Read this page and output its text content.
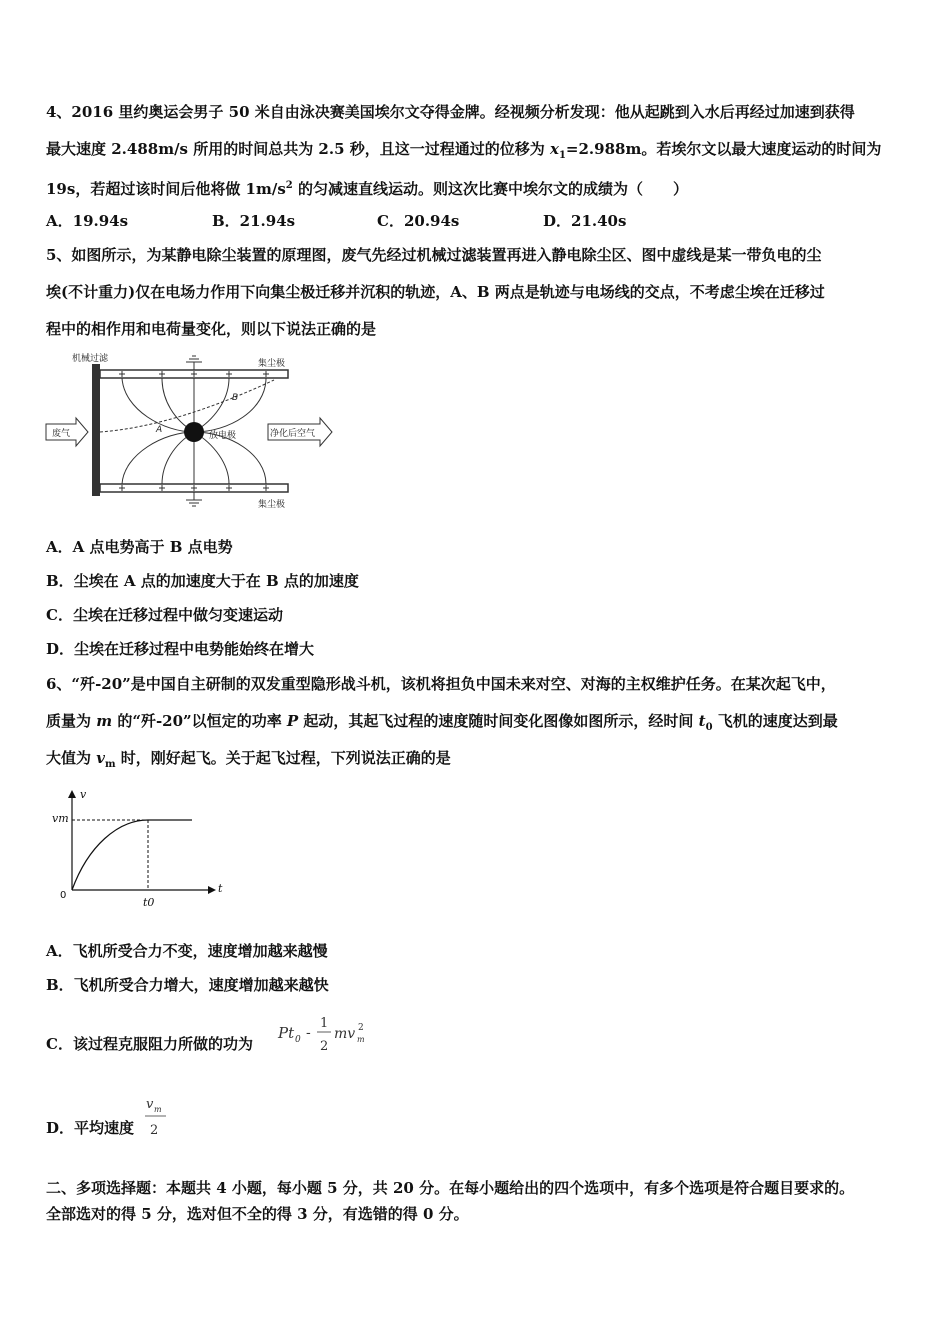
4、2016 里约奥运会男子 50 米自由泳决赛美国埃尔文夺得金牌。经视频分析发现：他从起跳到入水后再经过加速到获得
最大速度 2.488m/s 所用的时间总共为 2.5 秒，且这一过程通过的位移为 $x_1=2.988m$。若埃尔文以最大速度运动的时间为
19s，若超过该时间后他将做 $1m/s^2$ 的匀减速直线运动。则这次比赛中埃尔文的成绩为（　　）
A．19.94s	B．21.94s	C．20.94s	D．21.40s
5、如图所示，为某静电除尘装置的原理图，废气先经过机械过滤装置再进入静电除尘区、图中虚线是某一带负电的尘
埃(不计重力)仅在电场力作用下向集尘极迁移并沉积的轨迹，A、B 两点是轨迹与电场线的交点，不考虑尘埃在迁移过
程中的相作用和电荷量变化，则以下说法正确的是
机械过滤	集尘极
集尘极
放电极
废气	净化后空气
A
B
A．A 点电势高于 B 点电势
B．尘埃在 A 点的加速度大于在 B 点的加速度
C．尘埃在迁移过程中做匀变速运动
D．尘埃在迁移过程中电势能始终在增大
6、“歼-20”是中国自主研制的双发重型隐形战斗机，该机将担负中国未来对空、对海的主权维护任务。在某次起飞中，
质量为 m 的“歼-20”以恒定的功率 P 起动，其起飞过程的速度随时间变化图像如图所示，经时间 $t_0$ 飞机的速度达到最
大值为 $v_m$ 时，刚好起飞。关于起飞过程，下列说法正确的是
v
t
vm
t0
0
A．飞机所受合力不变，速度增加越来越慢
B．飞机所受合力增大，速度增加越来越快
C．该过程克服阻力所做的功为
Pt 0 -
1
2
mv 2
m
D．平均速度
v m
2
二、多项选择题：本题共 4 小题，每小题 5 分，共 20 分。在每小题给出的四个选项中，有多个选项是符合题目要求的。
全部选对的得 5 分，选对但不全的得 3 分，有选错的得 0 分。
